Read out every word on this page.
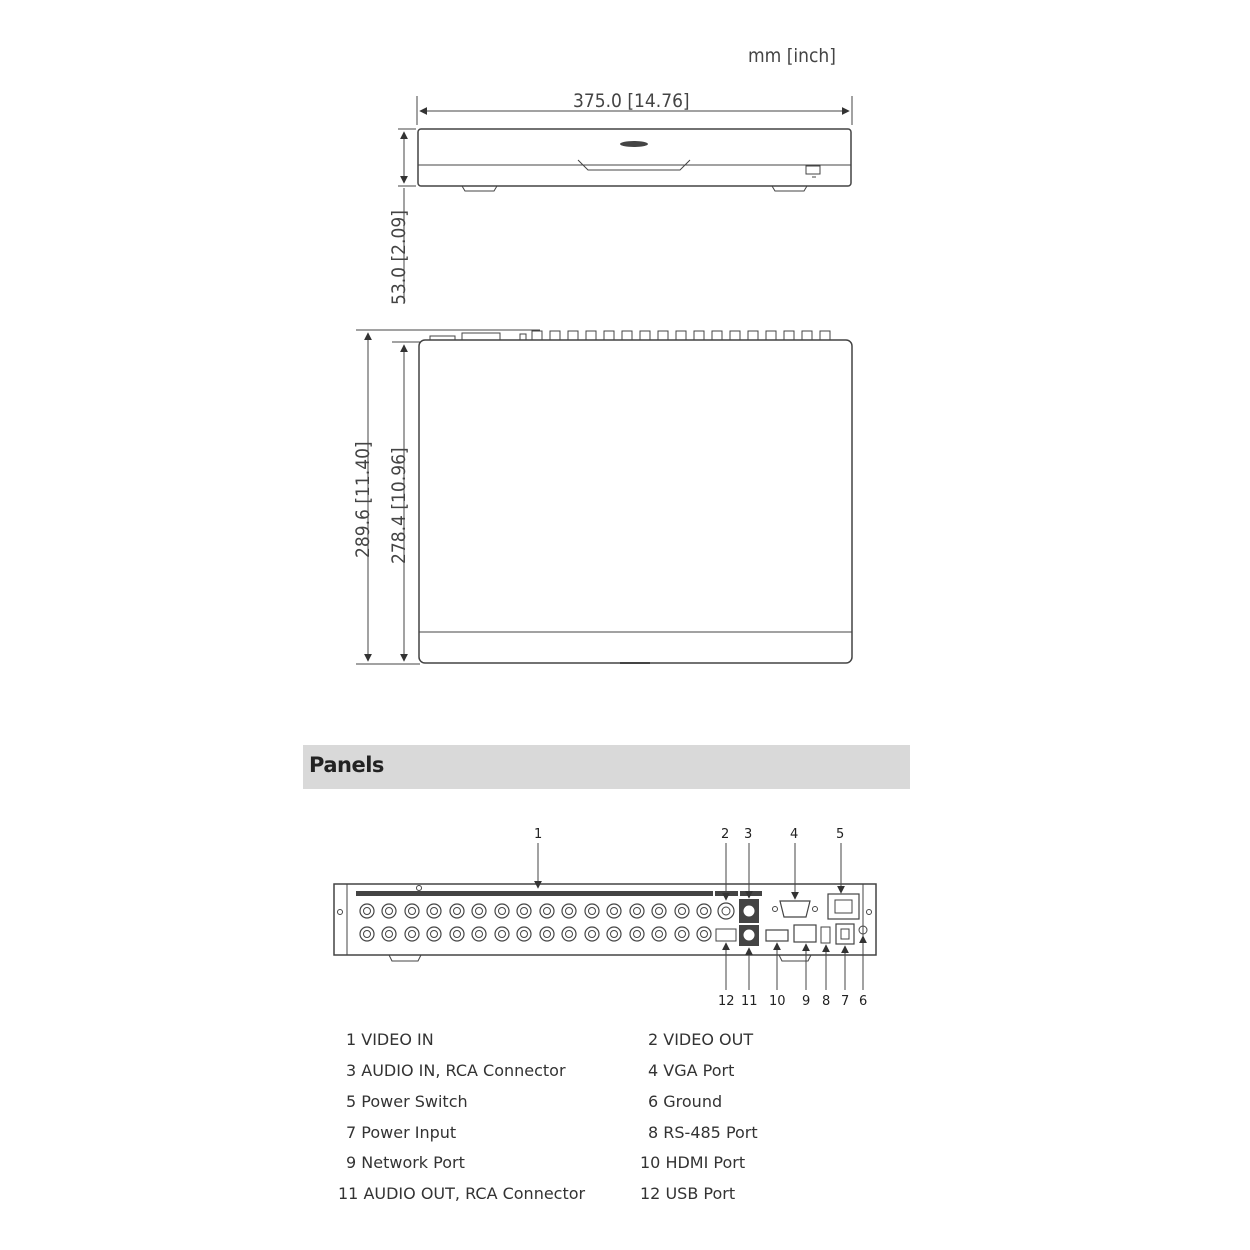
mm [inch]
375.0 [14.76]
53.0 [2.09]
289.6 [11.40] 278.4 [10.96]
1	2 3	4	5
12 11 10 9 8 7 6
Panels
1 VIDEO IN	2 VIDEO OUT
3 AUDIO IN, RCA Connector	4 VGA Port
5 Power Switch	6 Ground
7 Power Input	8 RS-485 Port
9 Network Port	10 HDMI Port
11 AUDIO OUT, RCA Connector	12 USB Port
